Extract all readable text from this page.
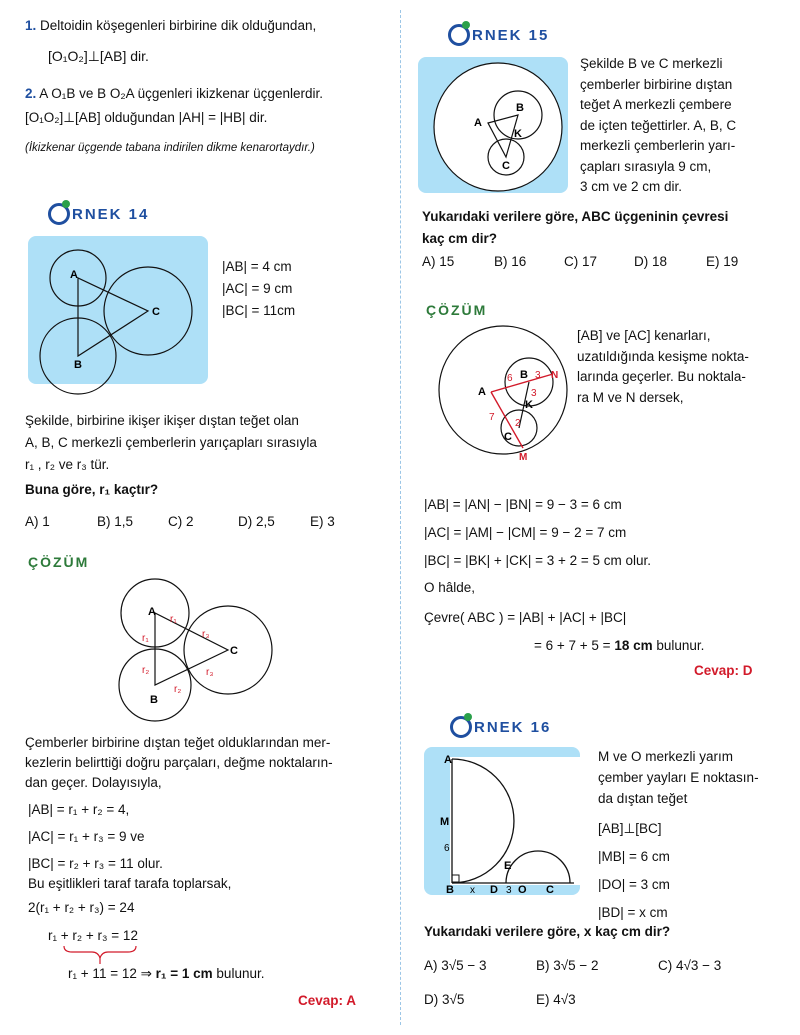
1. Deltoidin köşegenleri birbirine dik olduğundan,
[O₁O₂]⊥[AB] dir.
2. A O₁B ve B O₂A üçgenleri ikizkenar üçgenlerdir.
[O₁O₂]⊥[AB] olduğundan |AH| = |HB| dir.
(İkizkenar üçgende tabana indirilen dikme kenarortaydır.)
RNEK 14
A
B
C
|AB| = 4 cm
|AC| = 9 cm
|BC| = 11cm
Şekilde, birbirine ikişer ikişer dıştan teğet olan
A, B, C merkezli çemberlerin yarıçapları sırasıyla
r₁ , r₂ ve r₃ tür.
Buna göre, r₁ kaçtır?
A) 1	B) 1,5	C) 2	D) 2,5	E) 3
ÇÖZÜM
A
B
C
r₁
r₁
r₂
r₂
r₃
r₃
Çemberler birbirine dıştan teğet olduklarından mer-
kezlerin belirttiği doğru parçaları, değme noktaların-
dan geçer. Dolayısıyla,
|AB| = r₁ + r₂ = 4,
|AC| = r₁ + r₃ = 9 ve
|BC| = r₂ + r₃ = 11 olur.
Bu eşitlikleri taraf tarafa toplarsak,
2(r₁ + r₂ + r₃) = 24
r₁ + r₂ + r₃ = 12
r₁ + 11 = 12 ⇒ r₁ = 1 cm bulunur.
Cevap: A
RNEK 15
A
B
C
K
Şekilde B ve C merkezli
çemberler birbirine dıştan
teğet A merkezli çembere
de içten teğettirler. A, B, C
merkezli çemberlerin yarı-
çapları sırasıyla 9 cm,
3 cm ve 2 cm dir.
Yukarıdaki verilere göre, ABC üçgeninin çevresi
kaç cm dir?
A) 15	B) 16	C) 17	D) 18	E) 19
ÇÖZÜM
A
B
C
K
N
M
6 3
3
7
2
[AB] ve [AC] kenarları,
uzatıldığında kesişme nokta-
larında geçerler. Bu noktala-
ra M ve N dersek,
|AB| = |AN| − |BN| = 9 − 3 = 6 cm
|AC| = |AM| − |CM| = 9 − 2 = 7 cm
|BC| = |BK| + |CK| = 3 + 2 = 5 cm olur.
O hâlde,
Çevre( ABC ) = |AB| + |AC| + |BC|
= 6 + 7 + 5 = 18 cm bulunur.
Cevap: D
RNEK 16
A
M
6
E
B x D 3 O C
M ve O merkezli yarım
çember yayları E noktasın-
da dıştan teğet
[AB]⊥[BC]
|MB| = 6 cm
|DO| = 3 cm
|BD| = x cm
Yukarıdaki verilere göre, x kaç cm dir?
A) 3√5 − 3	B) 3√5 − 2	C) 4√3 − 3
D) 3√5	E) 4√3
